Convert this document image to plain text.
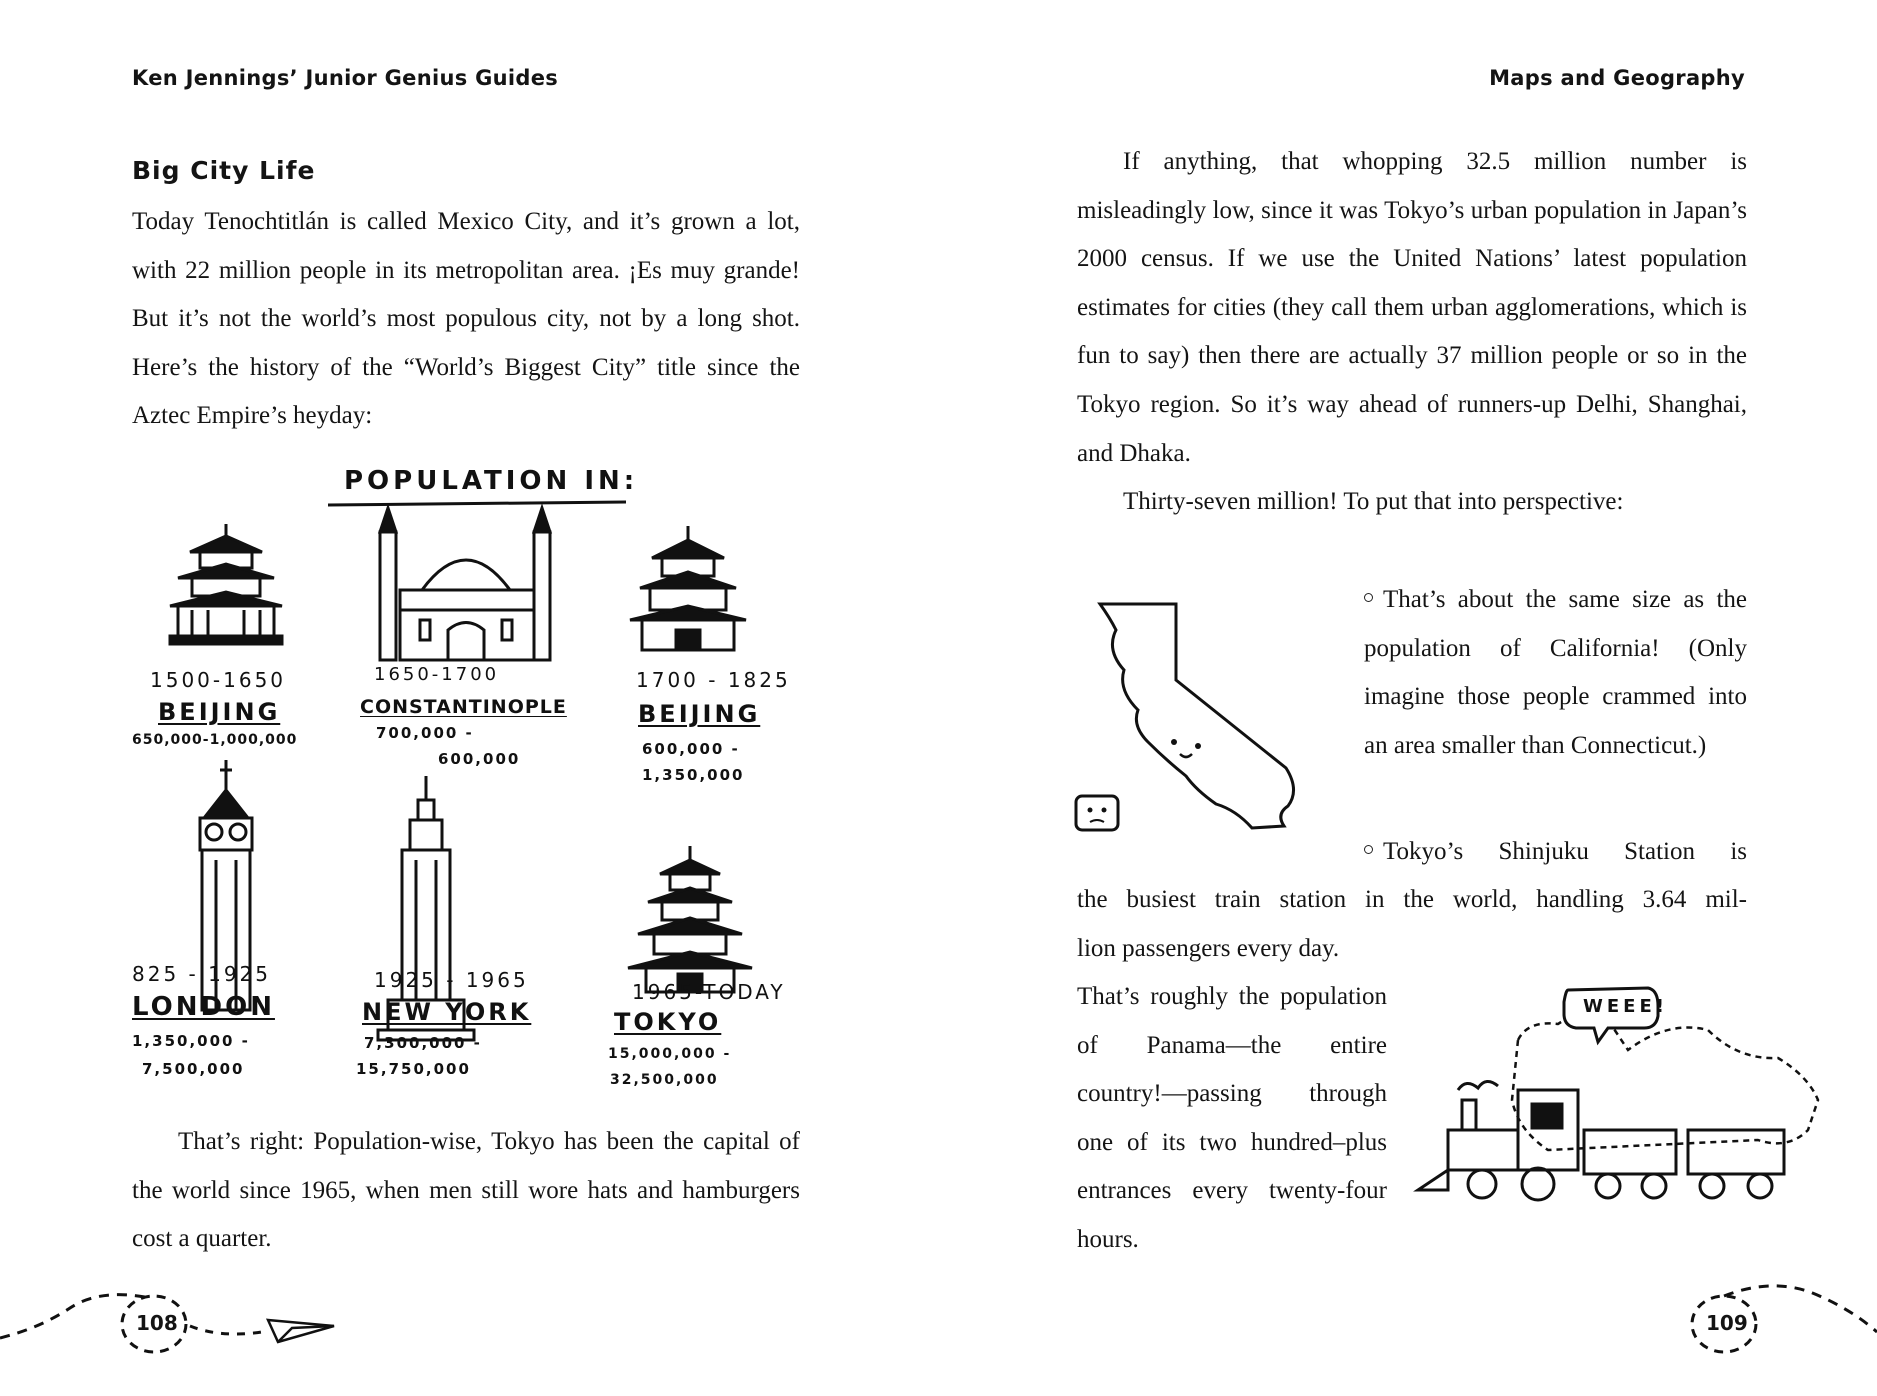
Ken Jennings’ Junior Genius Guides	Maps and Geography
Big City Life

Today Tenochtitlán is called Mexico City, and it’s grown a lot, with 22 million people in its metropolitan area. ¡Es muy grande! But it’s not the world’s most populous city, not by a long shot. Here’s the history of the “World’s Biggest City” title since the Aztec Empire’s heyday:

POPULATION IN:
1500-1650
BEIJING
650,000-1,000,000
1650-1700
CONSTANTINOPLE
700,000 -
600,000
1700 - 1825
BEIJING
600,000 -
1,350,000
825 - 1925
LONDON
1,350,000 -
7,500,000
1925 - 1965
NEW YORK
7,300,000 -
15,750,000
1965-TODAY
TOKYO
15,000,000 -
32,500,000

That’s right: Population-wise, Tokyo has been the capital of the world since 1965, when men still wore hats and hamburgers cost a quarter.

108

If anything, that whopping 32.5 million number is misleadingly low, since it was Tokyo’s urban population in Japan’s 2000 census. If we use the United Nations’ latest population estimates for cities (they call them urban agglomerations, which is fun to say) then there are actually 37 million people or so in the Tokyo region. So it’s way ahead of runners-up Delhi, Shanghai, and Dhaka.

Thirty-seven million! To put that into perspective:

That’s about the same size as the population of California! (Only imagine those people crammed into an area smaller than Connecticut.)

Tokyo’s Shinjuku Station is

the busiest train station in the world, handling 3.64 mil-

lion passengers every day.

That’s roughly the population of Panama—the entire country!—passing through one of its two hundred–plus entrances every twenty-four hours.

WEEE!
109
